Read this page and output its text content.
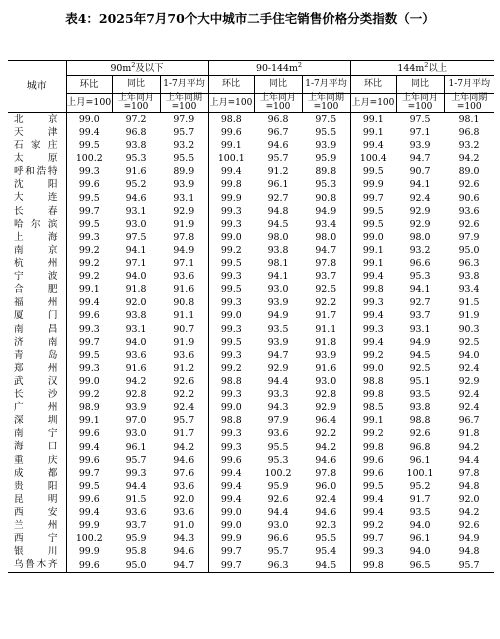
表4：2025年7月70个大中城市二手住宅销售价格分类指数（一）
城市	$90m^2$及以下			$90-144m^2$			$144m^2$以上		
	环比	同比	1-7月平均	环比	同比	1-7月平均	环比	同比	1-7月平均
	上月=100	上年同月=100	上年同期=100	上月=100	上年同月=100	上年同期=100	上月=100	上年同月=100	上年同期=100
北京	99.0	97.2	97.9	98.8	96.8	97.5	99.1	97.5	98.1
天津	99.4	96.8	95.7	99.6	96.7	95.5	99.1	97.1	96.8
石家庄	99.5	93.8	93.2	99.1	94.6	93.9	99.4	93.9	93.2
太原	100.2	95.3	95.5	100.1	95.7	95.9	100.4	94.7	94.2
呼和浩特	99.3	91.6	89.9	99.4	91.2	89.8	99.5	90.7	89.0
沈阳	99.6	95.2	93.9	99.8	96.1	95.3	99.9	94.1	92.6
大连	99.5	94.6	93.1	99.9	92.7	90.8	99.7	92.4	90.6
长春	99.7	93.1	92.9	99.3	94.8	94.9	99.5	92.9	93.6
哈尔滨	99.5	93.0	91.9	99.3	94.5	93.4	99.5	92.9	92.6
上海	99.3	97.5	97.8	99.0	98.0	98.0	99.0	98.0	97.9
南京	99.2	94.1	94.9	99.2	93.8	94.7	99.1	93.2	95.0
杭州	99.2	97.1	97.1	99.5	98.1	97.8	99.1	96.6	96.3
宁波	99.2	94.0	93.6	99.3	94.1	93.7	99.4	95.3	93.8
合肥	99.1	91.8	91.6	99.5	93.0	92.5	99.8	94.1	93.4
福州	99.4	92.0	90.8	99.3	93.9	92.2	99.3	92.7	91.5
厦门	99.6	93.8	91.1	99.0	94.9	91.7	99.4	93.7	91.9
南昌	99.3	93.1	90.7	99.3	93.5	91.1	99.3	93.1	90.3
济南	99.7	94.0	91.9	99.5	93.9	91.8	99.4	94.9	92.5
青岛	99.5	93.6	93.6	99.3	94.7	93.9	99.2	94.5	94.0
郑州	99.3	91.6	91.2	99.2	92.9	91.6	99.0	92.5	92.4
武汉	99.0	94.2	92.6	98.8	94.4	93.0	98.8	95.1	92.9
长沙	99.2	92.8	92.2	99.3	93.3	92.8	99.8	93.5	92.4
广州	98.9	93.9	92.4	99.0	94.3	92.9	98.5	93.8	92.4
深圳	99.1	97.0	95.7	98.8	97.9	96.4	99.1	98.8	96.7
南宁	99.6	93.0	91.7	99.3	93.6	92.2	99.2	92.6	91.8
海口	99.4	96.1	94.2	99.3	95.5	94.2	99.8	96.8	94.2
重庆	99.6	95.7	94.6	99.6	95.3	94.6	99.6	96.1	94.4
成都	99.7	99.3	97.6	99.4	100.2	97.8	99.6	100.1	97.8
贵阳	99.5	94.4	93.6	99.4	95.9	96.0	99.5	95.2	94.8
昆明	99.6	91.5	92.0	99.4	92.6	92.4	99.4	91.7	92.0
西安	99.4	93.6	93.6	99.0	94.4	94.6	99.4	93.5	94.2
兰州	99.9	93.7	91.0	99.0	93.0	92.3	99.2	94.0	92.6
西宁	100.2	95.9	94.3	99.9	96.6	95.5	99.7	96.1	94.9
银川	99.9	95.8	94.6	99.7	95.7	95.4	99.3	94.0	94.8
乌鲁木齐	99.6	95.0	94.7	99.7	96.3	94.5	99.8	96.5	95.7
